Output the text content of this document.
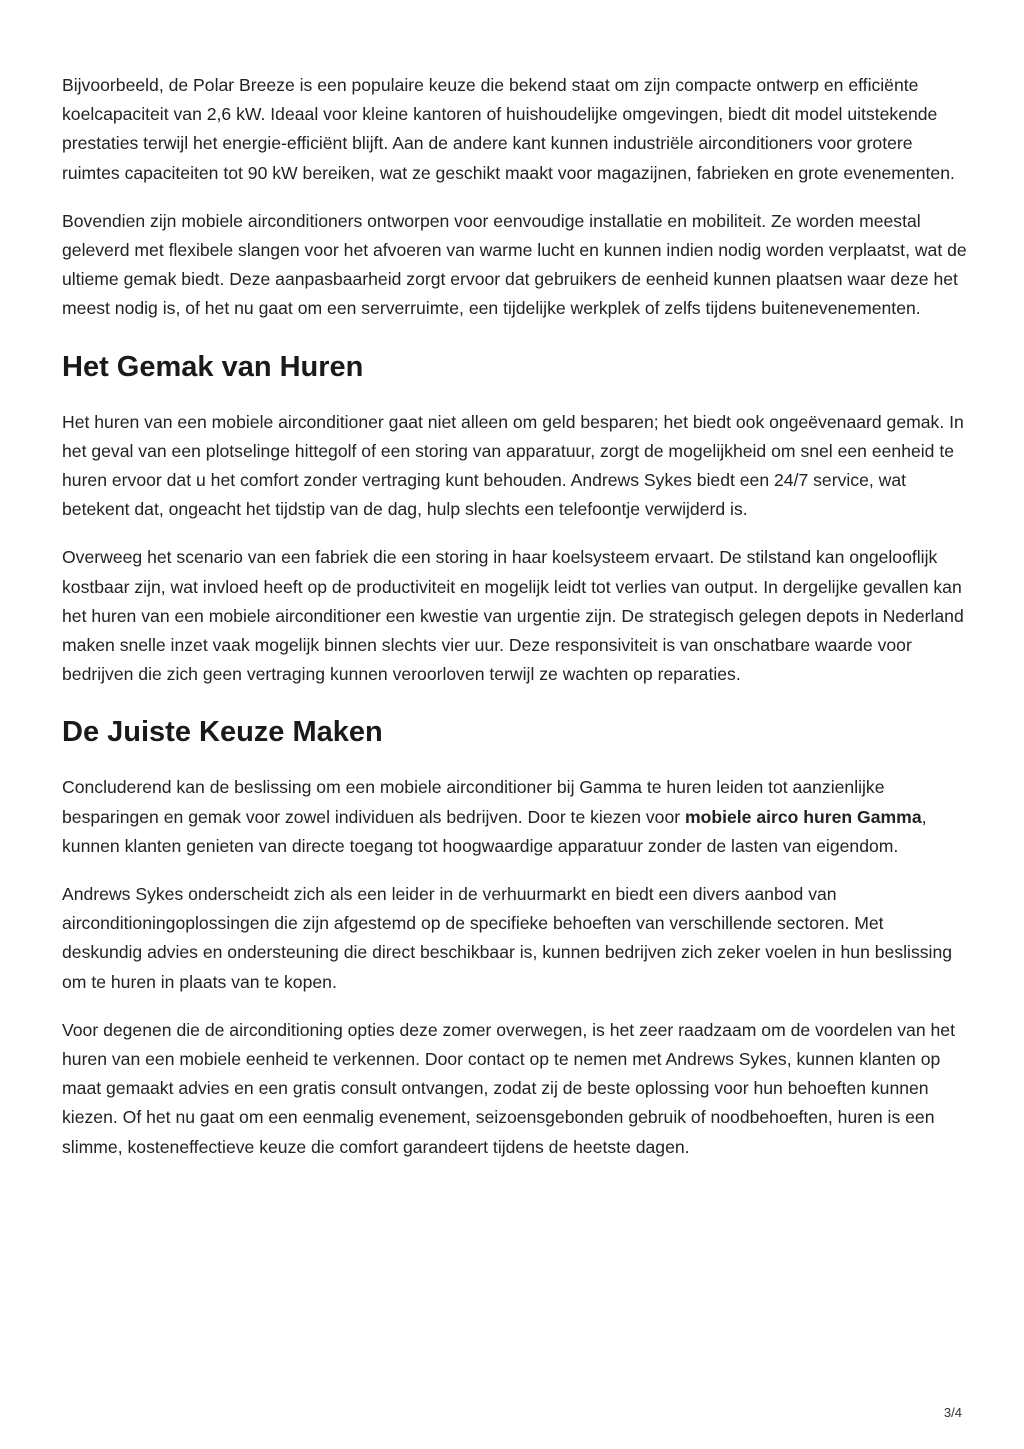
Bijvoorbeeld, de Polar Breeze is een populaire keuze die bekend staat om zijn compacte ontwerp en efficiënte koelcapaciteit van 2,6 kW. Ideaal voor kleine kantoren of huishoudelijke omgevingen, biedt dit model uitstekende prestaties terwijl het energie-efficiënt blijft. Aan de andere kant kunnen industriële airconditioners voor grotere ruimtes capaciteiten tot 90 kW bereiken, wat ze geschikt maakt voor magazijnen, fabrieken en grote evenementen.

Bovendien zijn mobiele airconditioners ontworpen voor eenvoudige installatie en mobiliteit. Ze worden meestal geleverd met flexibele slangen voor het afvoeren van warme lucht en kunnen indien nodig worden verplaatst, wat de ultieme gemak biedt. Deze aanpasbaarheid zorgt ervoor dat gebruikers de eenheid kunnen plaatsen waar deze het meest nodig is, of het nu gaat om een serverruimte, een tijdelijke werkplek of zelfs tijdens buitenevenementen.

Het Gemak van Huren

Het huren van een mobiele airconditioner gaat niet alleen om geld besparen; het biedt ook ongeëvenaard gemak. In het geval van een plotselinge hittegolf of een storing van apparatuur, zorgt de mogelijkheid om snel een eenheid te huren ervoor dat u het comfort zonder vertraging kunt behouden. Andrews Sykes biedt een 24/7 service, wat betekent dat, ongeacht het tijdstip van de dag, hulp slechts een telefoontje verwijderd is.

Overweeg het scenario van een fabriek die een storing in haar koelsysteem ervaart. De stilstand kan ongelooflijk kostbaar zijn, wat invloed heeft op de productiviteit en mogelijk leidt tot verlies van output. In dergelijke gevallen kan het huren van een mobiele airconditioner een kwestie van urgentie zijn. De strategisch gelegen depots in Nederland maken snelle inzet vaak mogelijk binnen slechts vier uur. Deze responsiviteit is van onschatbare waarde voor bedrijven die zich geen vertraging kunnen veroorloven terwijl ze wachten op reparaties.

De Juiste Keuze Maken

Concluderend kan de beslissing om een mobiele airconditioner bij Gamma te huren leiden tot aanzienlijke besparingen en gemak voor zowel individuen als bedrijven. Door te kiezen voor mobiele airco huren Gamma, kunnen klanten genieten van directe toegang tot hoogwaardige apparatuur zonder de lasten van eigendom.

Andrews Sykes onderscheidt zich als een leider in de verhuurmarkt en biedt een divers aanbod van airconditioningoplossingen die zijn afgestemd op de specifieke behoeften van verschillende sectoren. Met deskundig advies en ondersteuning die direct beschikbaar is, kunnen bedrijven zich zeker voelen in hun beslissing om te huren in plaats van te kopen.

Voor degenen die de airconditioning opties deze zomer overwegen, is het zeer raadzaam om de voordelen van het huren van een mobiele eenheid te verkennen. Door contact op te nemen met Andrews Sykes, kunnen klanten op maat gemaakt advies en een gratis consult ontvangen, zodat zij de beste oplossing voor hun behoeften kunnen kiezen. Of het nu gaat om een eenmalig evenement, seizoensgebonden gebruik of noodbehoeften, huren is een slimme, kosteneffectieve keuze die comfort garandeert tijdens de heetste dagen.

3/4
